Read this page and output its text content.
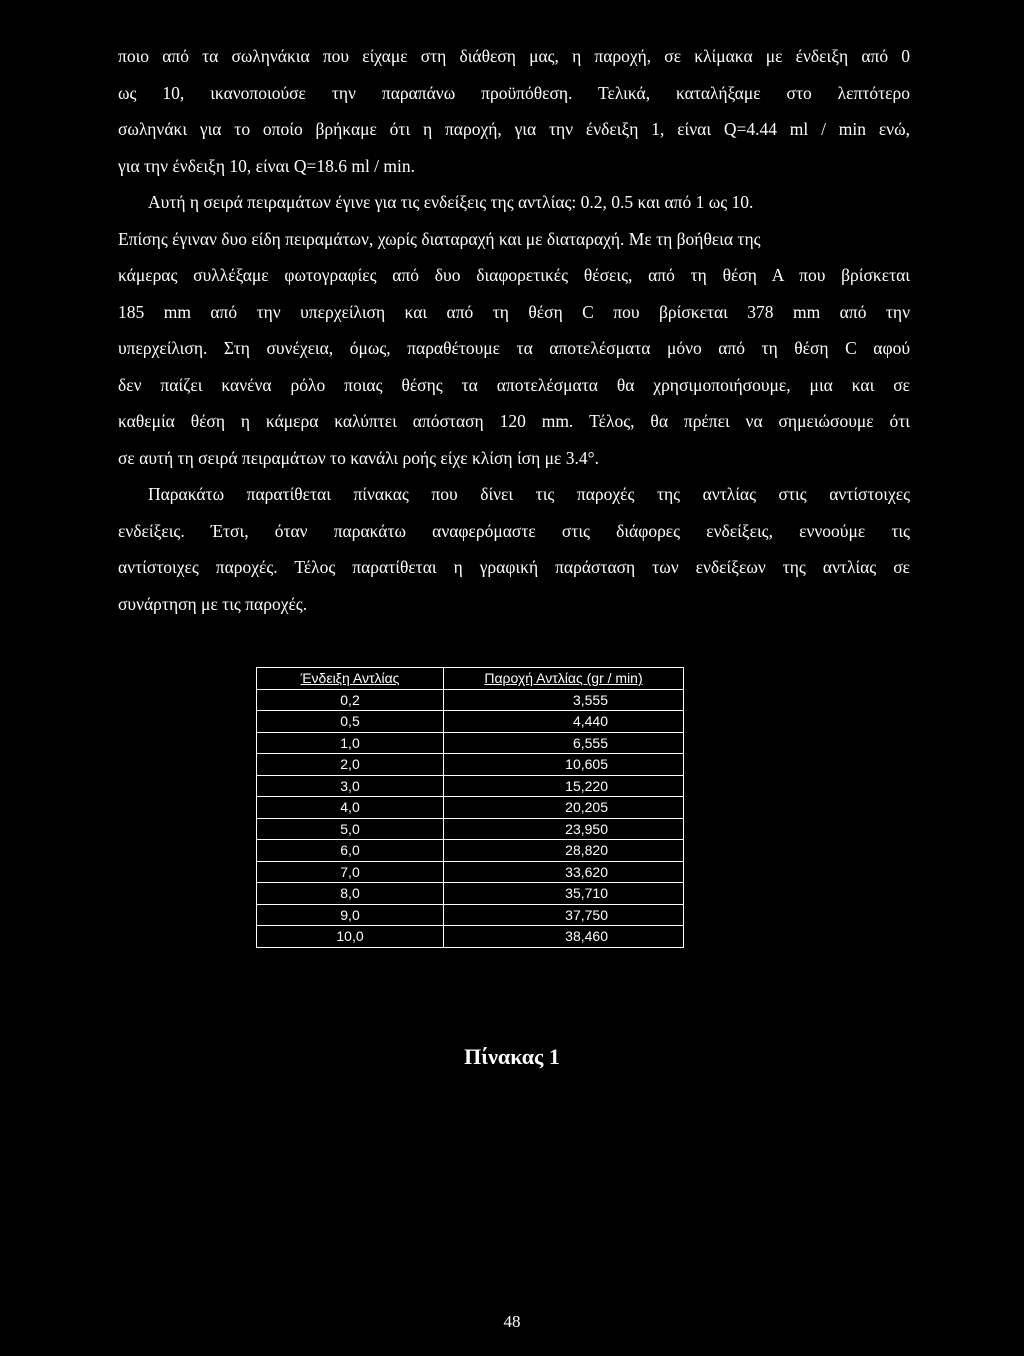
ποιο από τα σωληνάκια που είχαμε στη διάθεση μας, η παροχή, σε κλίμακα με ένδειξη από 0
ως 10, ικανοποιούσε την παραπάνω προϋπόθεση. Τελικά, καταλήξαμε στο λεπτότερο
σωληνάκι για το οποίο βρήκαμε ότι η παροχή, για την ένδειξη 1, είναι Q=4.44 ml / min ενώ,
για την ένδειξη 10, είναι Q=18.6 ml / min.
Αυτή η σειρά πειραμάτων έγινε για τις ενδείξεις της αντλίας: 0.2, 0.5 και από 1 ως 10.
Επίσης έγιναν δυο είδη πειραμάτων, χωρίς διαταραχή και με διαταραχή. Με τη βοήθεια της
κάμερας συλλέξαμε φωτογραφίες από δυο διαφορετικές θέσεις, από τη θέση Α που βρίσκεται
185 mm από την υπερχείλιση και από τη θέση C που βρίσκεται 378 mm από την
υπερχείλιση. Στη συνέχεια, όμως, παραθέτουμε τα αποτελέσματα μόνο από τη θέση C αφού
δεν παίζει κανένα ρόλο ποιας θέσης τα αποτελέσματα θα χρησιμοποιήσουμε, μια και σε
καθεμία θέση η κάμερα καλύπτει απόσταση 120 mm. Τέλος, θα πρέπει να σημειώσουμε ότι
σε αυτή τη σειρά πειραμάτων το κανάλι ροής είχε κλίση ίση με 3.4°.
Παρακάτω παρατίθεται πίνακας που δίνει τις παροχές της αντλίας στις αντίστοιχες
ενδείξεις. Έτσι, όταν παρακάτω αναφερόμαστε στις διάφορες ενδείξεις, εννοούμε τις
αντίστοιχες παροχές. Τέλος παρατίθεται η γραφική παράσταση των ενδείξεων της αντλίας σε
συνάρτηση με τις παροχές.
Ένδειξη Αντλίας	Παροχή Αντλίας (gr / min)
0,2	3,555
0,5	4,440
1,0	6,555
2,0	10,605
3,0	15,220
4,0	20,205
5,0	23,950
6,0	28,820
7,0	33,620
8,0	35,710
9,0	37,750
10,0	38,460
Πίνακας 1
48
